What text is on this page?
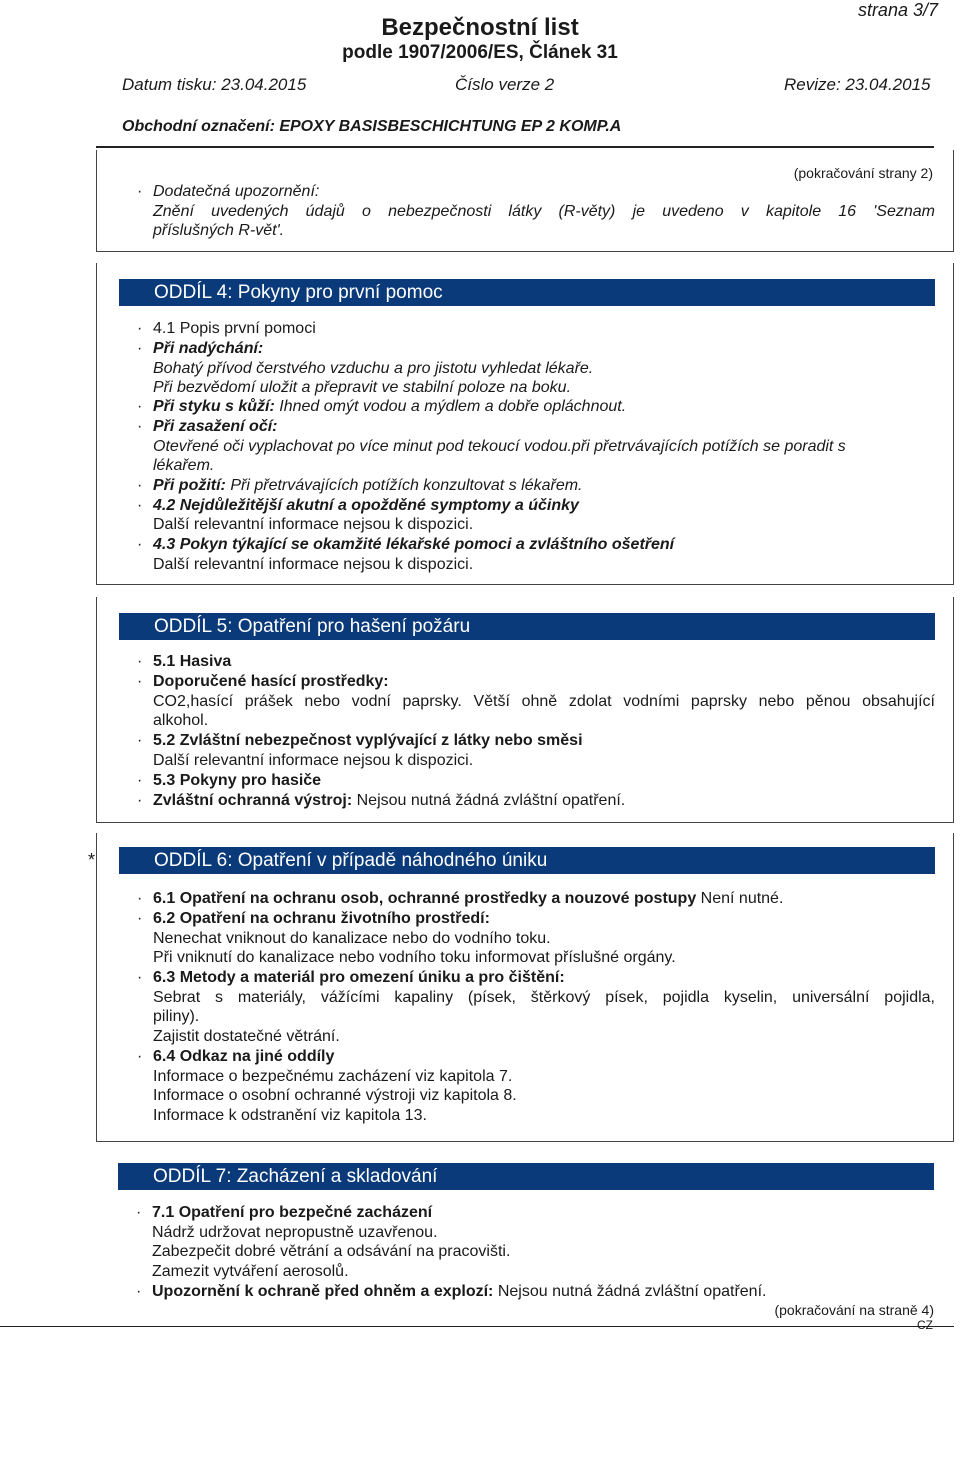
Bezpečnostní list
podle 1907/2006/ES, Článek 31
strana 3/7
Datum tisku: 23.04.2015	Číslo verze 2	Revize: 23.04.2015
Obchodní označení: EPOXY BASISBESCHICHTUNG EP 2 KOMP.A
(pokračování strany 2)
· Dodatečná upozornění:
Znění uvedených údajů o nebezpečnosti látky (R-věty) je uvedeno v kapitole 16 'Seznam
příslušných R-vět'.
ODDÍL 4: Pokyny pro první pomoc
· 4.1 Popis první pomoci
· Při nadýchání:
Bohatý přívod čerstvého vzduchu a pro jistotu vyhledat lékaře.
Při bezvědomí uložit a přepravit ve stabilní poloze na boku.
· Při styku s kůží: Ihned omýt vodou a mýdlem a dobře opláchnout.
· Při zasažení očí:
Otevřené oči vyplachovat po více minut pod tekoucí vodou.při přetrvávajících potížích se poradit s
lékařem.
· Při požití: Při přetrvávajících potížích konzultovat s lékařem.
· 4.2 Nejdůležitější akutní a opožděné symptomy a účinky
Další relevantní informace nejsou k dispozici.
· 4.3 Pokyn týkající se okamžité lékařské pomoci a zvláštního ošetření
Další relevantní informace nejsou k dispozici.
ODDÍL 5: Opatření pro hašení požáru
· 5.1 Hasiva
· Doporučené hasící prostředky:
CO2,hasící prášek nebo vodní paprsky. Větší ohně zdolat vodními paprsky nebo pěnou obsahující
alkohol.
· 5.2 Zvláštní nebezpečnost vyplývající z látky nebo směsi
Další relevantní informace nejsou k dispozici.
· 5.3 Pokyny pro hasiče
· Zvláštní ochranná výstroj: Nejsou nutná žádná zvláštní opatření.
*	ODDÍL 6: Opatření v případě náhodného úniku
· 6.1 Opatření na ochranu osob, ochranné prostředky a nouzové postupy Není nutné.
· 6.2 Opatření na ochranu životního prostředí:
Nenechat vniknout do kanalizace nebo do vodního toku.
Při vniknutí do kanalizace nebo vodního toku informovat příslušné orgány.
· 6.3 Metody a materiál pro omezení úniku a pro čištění:
Sebrat s materiály, vážícími kapaliny (písek, štěrkový písek, pojidla kyselin, universální pojidla,
piliny).
Zajistit dostatečné větrání.
· 6.4 Odkaz na jiné oddíly
Informace o bezpečnému zacházení viz kapitola 7.
Informace o osobní ochranné výstroji viz kapitola 8.
Informace k odstranění viz kapitola 13.
ODDÍL 7: Zacházení a skladování
· 7.1 Opatření pro bezpečné zacházení
Nádrž udržovat nepropustně uzavřenou.
Zabezpečit dobré větrání a odsávání na pracovišti.
Zamezit vytváření aerosolů.
· Upozornění k ochraně před ohněm a explozí: Nejsou nutná žádná zvláštní opatření.
(pokračování na straně 4)
CZ
